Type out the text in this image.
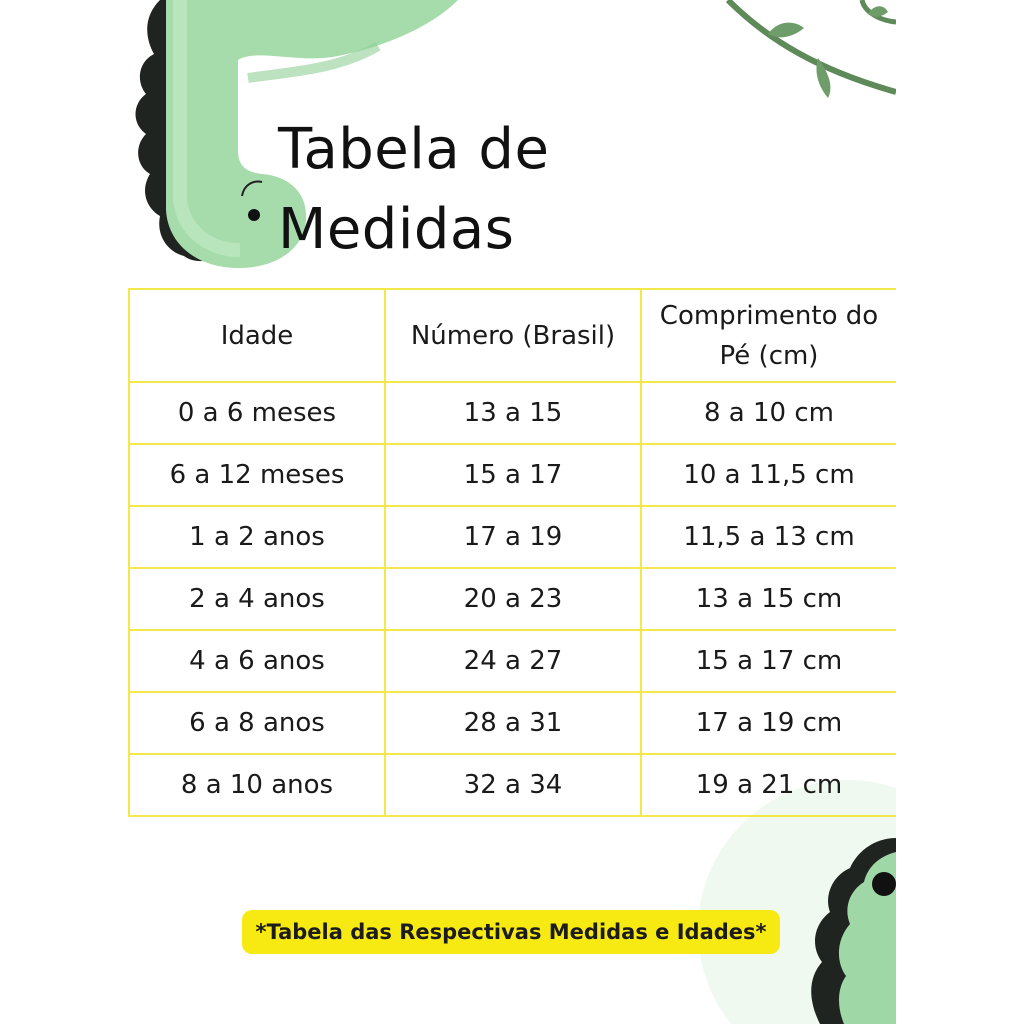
Tabela de Medidas
Idade	Número (Brasil)	Comprimento do Pé (cm)
0 a 6 meses	13 a 15	8 a 10 cm
6 a 12 meses	15 a 17	10 a 11,5 cm
1 a 2 anos	17 a 19	11,5 a 13 cm
2 a 4 anos	20 a 23	13 a 15 cm
4 a 6 anos	24 a 27	15 a 17 cm
6 a 8 anos	28 a 31	17 a 19 cm
8 a 10 anos	32 a 34	19 a 21 cm
*Tabela das Respectivas Medidas e Idades*
